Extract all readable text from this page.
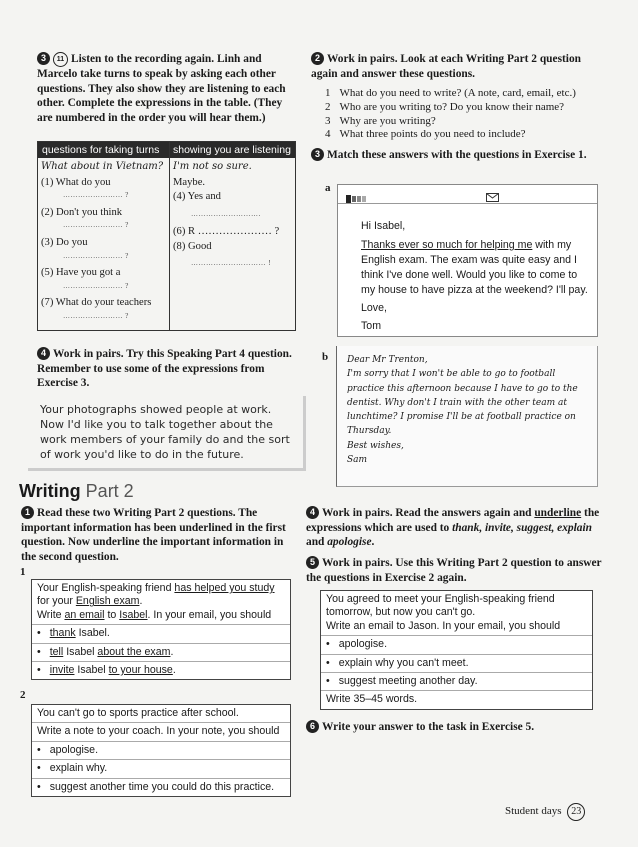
3 11 Listen to the recording again. Linh and Marcelo take turns to speak by asking each other questions. They also show they are listening to each other. Complete the expressions in the table. (They are numbered in the order you will hear them.)
questions for taking turns	showing you are listening
What about in Vietnam?
(1) What do you
…………………… ?
(2) Don't you think
…………………… ?
(3) Do you
…………………… ?
(5) Have you got a
…………………… ?
(7) What do your teachers
…………………… ?
I'm not so sure.
Maybe.
(4) Yes and
……………………….
(6) R ………………… ?
(8) Good
………………………… !
4 Work in pairs. Try this Speaking Part 4 question. Remember to use some of the expressions from Exercise 3.
Your photographs showed people at work. Now I'd like you to talk together about the work members of your family do and the sort of work you'd like to do in the future.
Writing Part 2
1 Read these two Writing Part 2 questions. The important information has been underlined in the first question. Now underline the important information in the second question.
1
Your English-speaking friend has helped you study
for your English exam.
Write an email to Isabel. In your email, you should
• thank Isabel.
• tell Isabel about the exam.
• invite Isabel to your house.
2
You can't go to sports practice after school.
Write a note to your coach. In your note, you should
• apologise.
• explain why.
• suggest another time you could do this practice.
2 Work in pairs. Look at each Writing Part 2 question again and answer these questions.
1 What do you need to write? (A note, card, email, etc.)
2 Who are you writing to? Do you know their name?
3 Why are you writing?
4 What three points do you need to include?
3 Match these answers with the questions in Exercise 1.
a
Hi Isabel,
Thanks ever so much for helping me with my English exam. The exam was quite easy and I think I've done well. Would you like to come to my house to have pizza at the weekend? I'll pay.
Love,
Tom
b Dear Mr Trenton,
I'm sorry that I won't be able to go to football practice this afternoon because I have to go to the dentist. Why don't I train with the other team at lunchtime? I promise I'll be at football practice on Thursday.
Best wishes,
Sam
4 Work in pairs. Read the answers again and underline the expressions which are used to thank, invite, suggest, explain and apologise.
5 Work in pairs. Use this Writing Part 2 question to answer the questions in Exercise 2 again.
You agreed to meet your English-speaking friend tomorrow, but now you can't go.
Write an email to Jason. In your email, you should
• apologise.
• explain why you can't meet.
• suggest meeting another day.
Write 35–45 words.
6 Write your answer to the task in Exercise 5.
Student days 23
